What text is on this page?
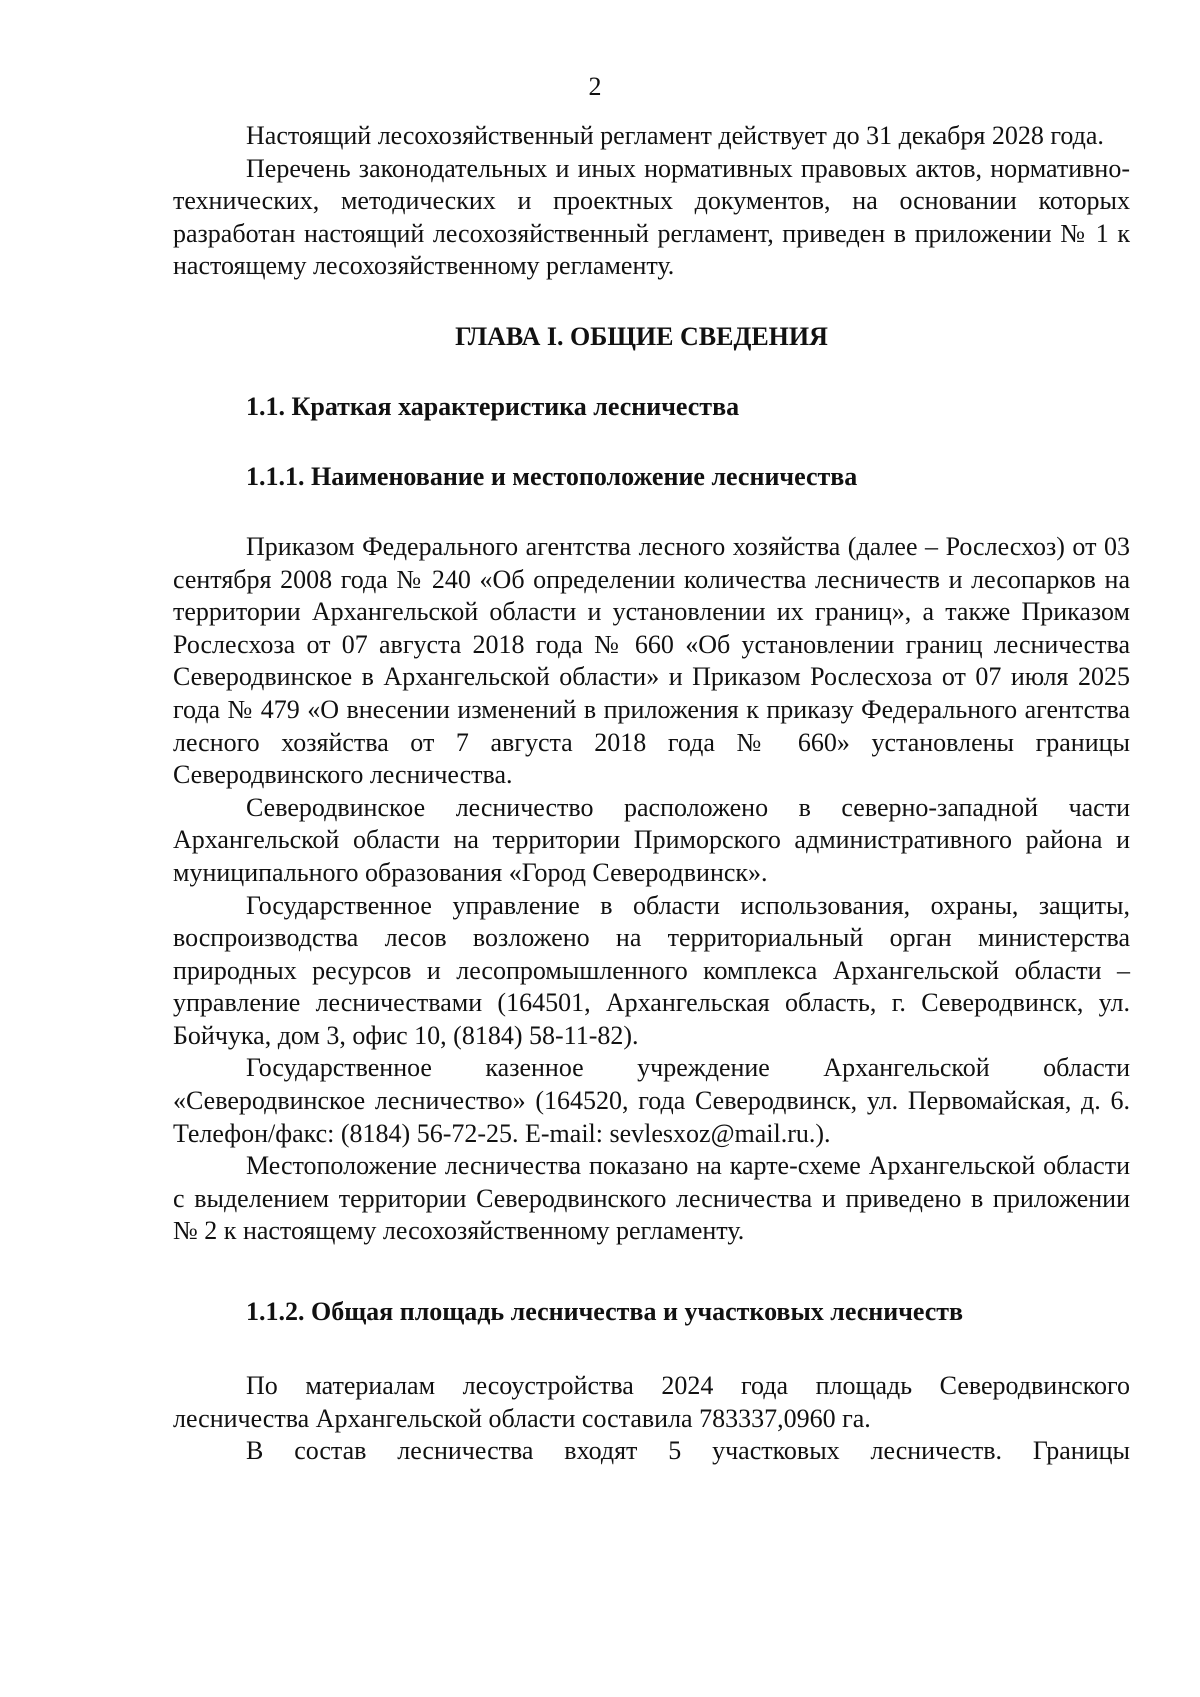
2

Настоящий лесохозяйственный регламент действует до 31 декабря 2028 года.

Перечень законодательных и иных нормативных правовых актов, нормативно-технических, методических и проектных документов, на основании которых разработан настоящий лесохозяйственный регламент, приведен в приложении № 1 к настоящему лесохозяйственному регламенту.

ГЛАВА I. ОБЩИЕ СВЕДЕНИЯ
1.1. Краткая характеристика лесничества
1.1.1. Наименование и местоположение лесничества

Приказом Федерального агентства лесного хозяйства (далее – Рослесхоз) от 03 сентября 2008 года № 240 «Об определении количества лесничеств и лесопарков на территории Архангельской области и установлении их границ», а также Приказом Рослесхоза от 07 августа 2018 года № 660 «Об установлении границ лесничества Северодвинское в Архангельской области» и Приказом Рослесхоза от 07 июля 2025 года № 479 «О внесении изменений в приложения к приказу Федерального агентства лесного хозяйства от 7 августа 2018 года № 660» установлены границы Северодвинского лесничества.

Северодвинское лесничество расположено в северно-западной части Архангельской области на территории Приморского административного района и муниципального образования «Город Северодвинск».

Государственное управление в области использования, охраны, защиты, воспроизводства лесов возложено на территориальный орган министерства природных ресурсов и лесопромышленного комплекса Архангельской области – управление лесничествами (164501, Архангельская область, г. Северодвинск, ул. Бойчука, дом 3, офис 10, (8184) 58-11-82).

Государственное казенное учреждение Архангельской области «Северодвинское лесничество» (164520, года Северодвинск, ул. Первомайская, д. 6. Телефон/факс: (8184) 56-72-25. E-mail: sevlesxoz@mail.ru.).

Местоположение лесничества показано на карте-схеме Архангельской области с выделением территории Северодвинского лесничества и приведено в приложении № 2 к настоящему лесохозяйственному регламенту.

1.1.2. Общая площадь лесничества и участковых лесничеств

По материалам лесоустройства 2024 года площадь Северодвинского лесничества Архангельской области составила 783337,0960 га.

В состав лесничества входят 5 участковых лесничеств. Границы
